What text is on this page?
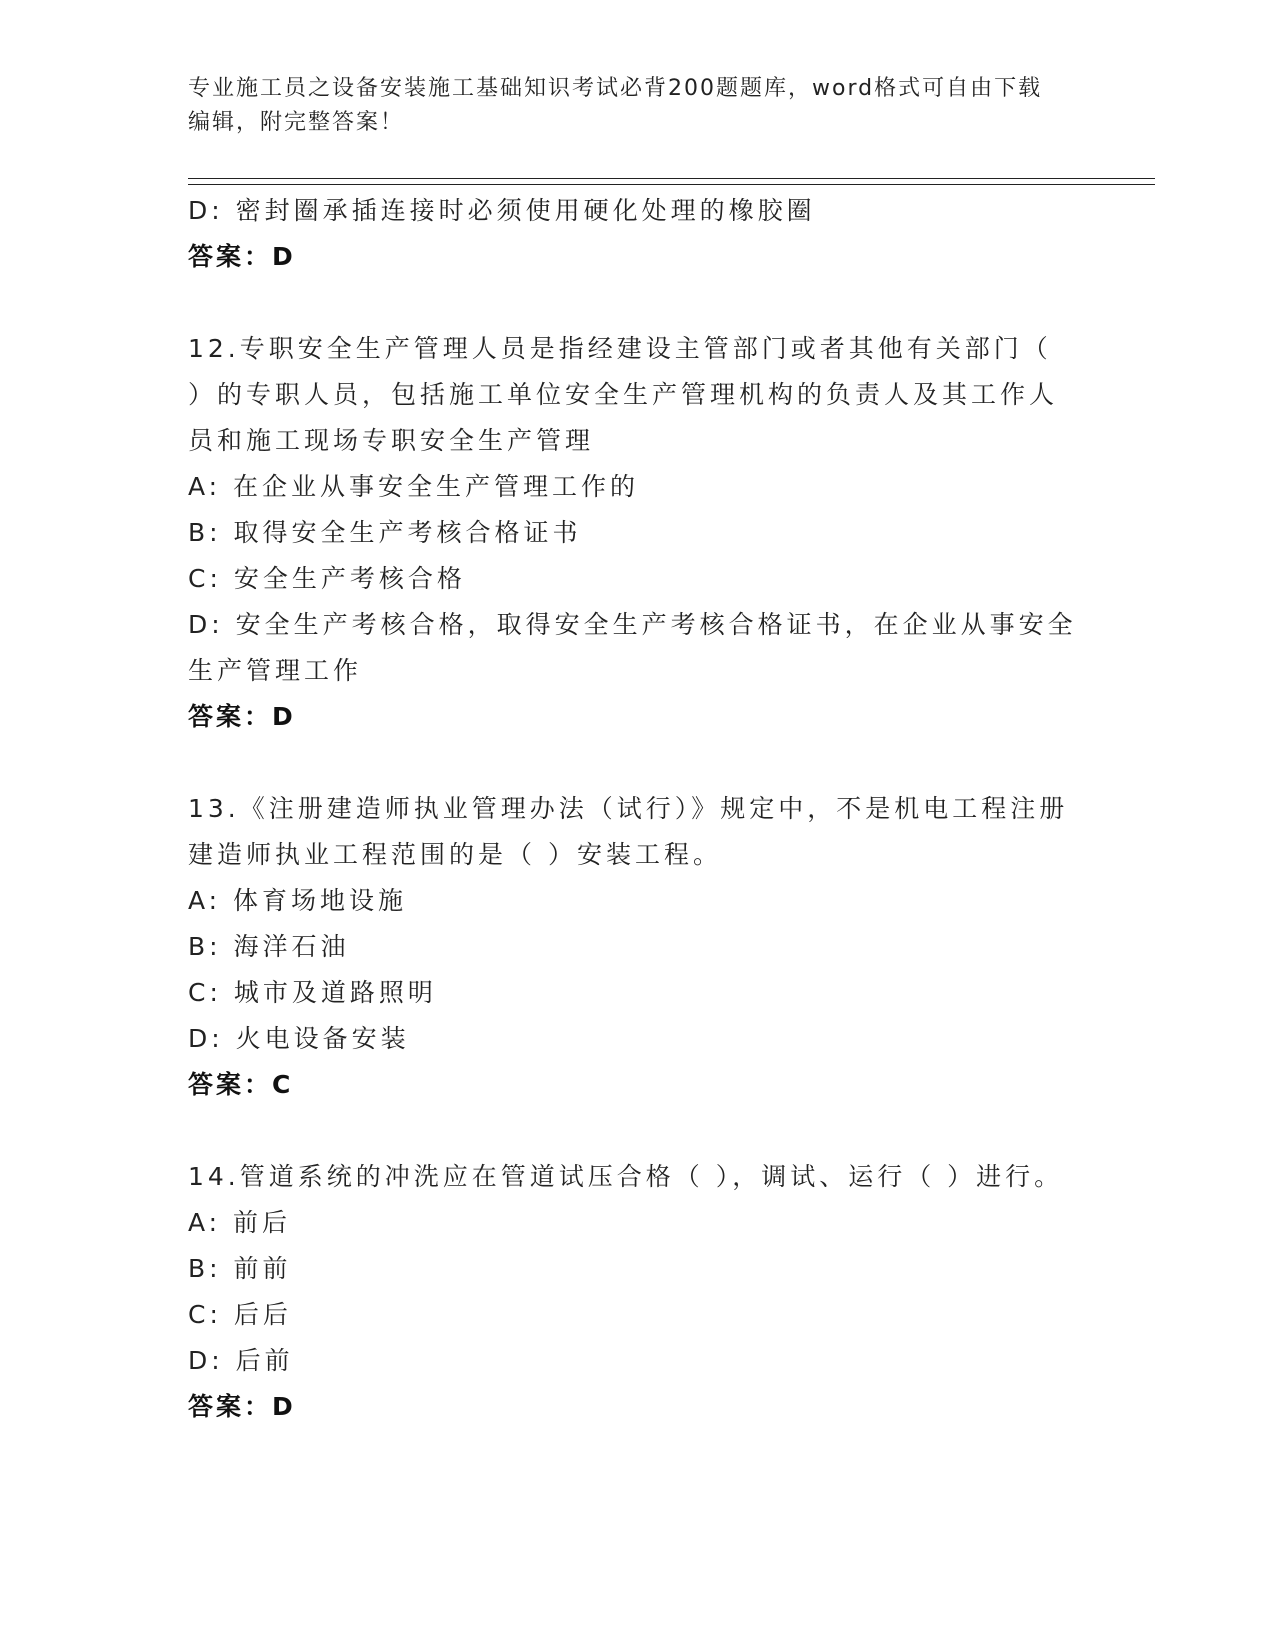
专业施工员之设备安装施工基础知识考试必背200题题库，word格式可自由下载
编辑，附完整答案！
D: 密封圈承插连接时必须使用硬化处理的橡胶圈
答案：D
12.专职安全生产管理人员是指经建设主管部门或者其他有关部门（
）的专职人员，包括施工单位安全生产管理机构的负责人及其工作人
员和施工现场专职安全生产管理
A: 在企业从事安全生产管理工作的
B: 取得安全生产考核合格证书
C: 安全生产考核合格
D: 安全生产考核合格，取得安全生产考核合格证书，在企业从事安全
生产管理工作
答案：D
13.《注册建造师执业管理办法（试行）》规定中，不是机电工程注册
建造师执业工程范围的是（ ）安装工程。
A: 体育场地设施
B: 海洋石油
C: 城市及道路照明
D: 火电设备安装
答案：C
14.管道系统的冲洗应在管道试压合格（ ），调试、运行（ ）进行。
A: 前后
B: 前前
C: 后后
D: 后前
答案：D
